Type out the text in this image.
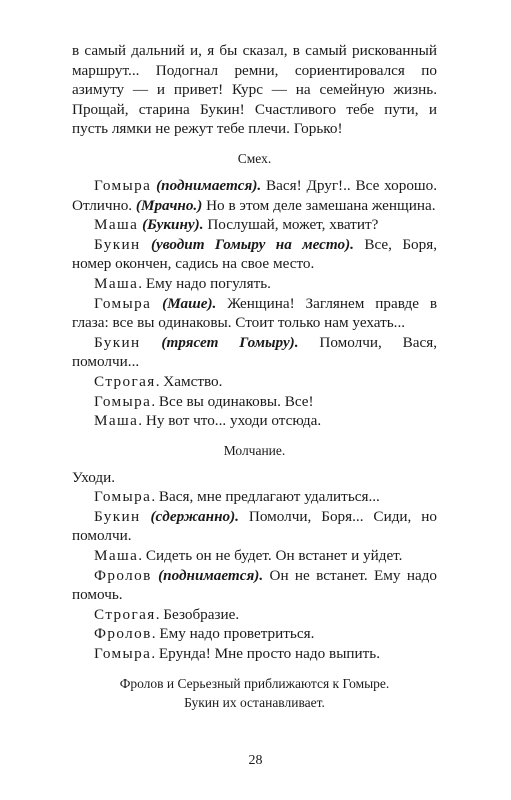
в самый дальний и, я бы сказал, в самый рискованный маршрут... Подогнал ремни, сориентировался по азимуту — и привет! Курс — на семейную жизнь. Прощай, старина Букин! Счастливого тебе пути, и пусть лямки не режут тебе плечи. Горько!

Смех.

Гомыра (поднимается). Вася! Друг!.. Все хорошо. Отлично. (Мрачно.) Но в этом деле замешана женщина.

Маша (Букину). Послушай, может, хватит?

Букин (уводит Гомыру на место). Все, Боря, номер окончен, садись на свое место.

Маша. Ему надо погулять.

Гомыра (Маше). Женщина! Заглянем правде в глаза: все вы одинаковы. Стоит только нам уехать...

Букин (трясет Гомыру). Помолчи, Вася, помолчи...

Строгая. Хамство.

Гомыра. Все вы одинаковы. Все!

Маша. Ну вот что... уходи отсюда.

Молчание.

Уходи.

Гомыра. Вася, мне предлагают удалиться...

Букин (сдержанно). Помолчи, Боря... Сиди, но помолчи.

Маша. Сидеть он не будет. Он встанет и уйдет.

Фролов (поднимается). Он не встанет. Ему надо помочь.

Строгая. Безобразие.

Фролов. Ему надо проветриться.

Гомыра. Ерунда! Мне просто надо выпить.

Фролов и Серьезный приближаются к Гомыре.
Букин их останавливает.
28
